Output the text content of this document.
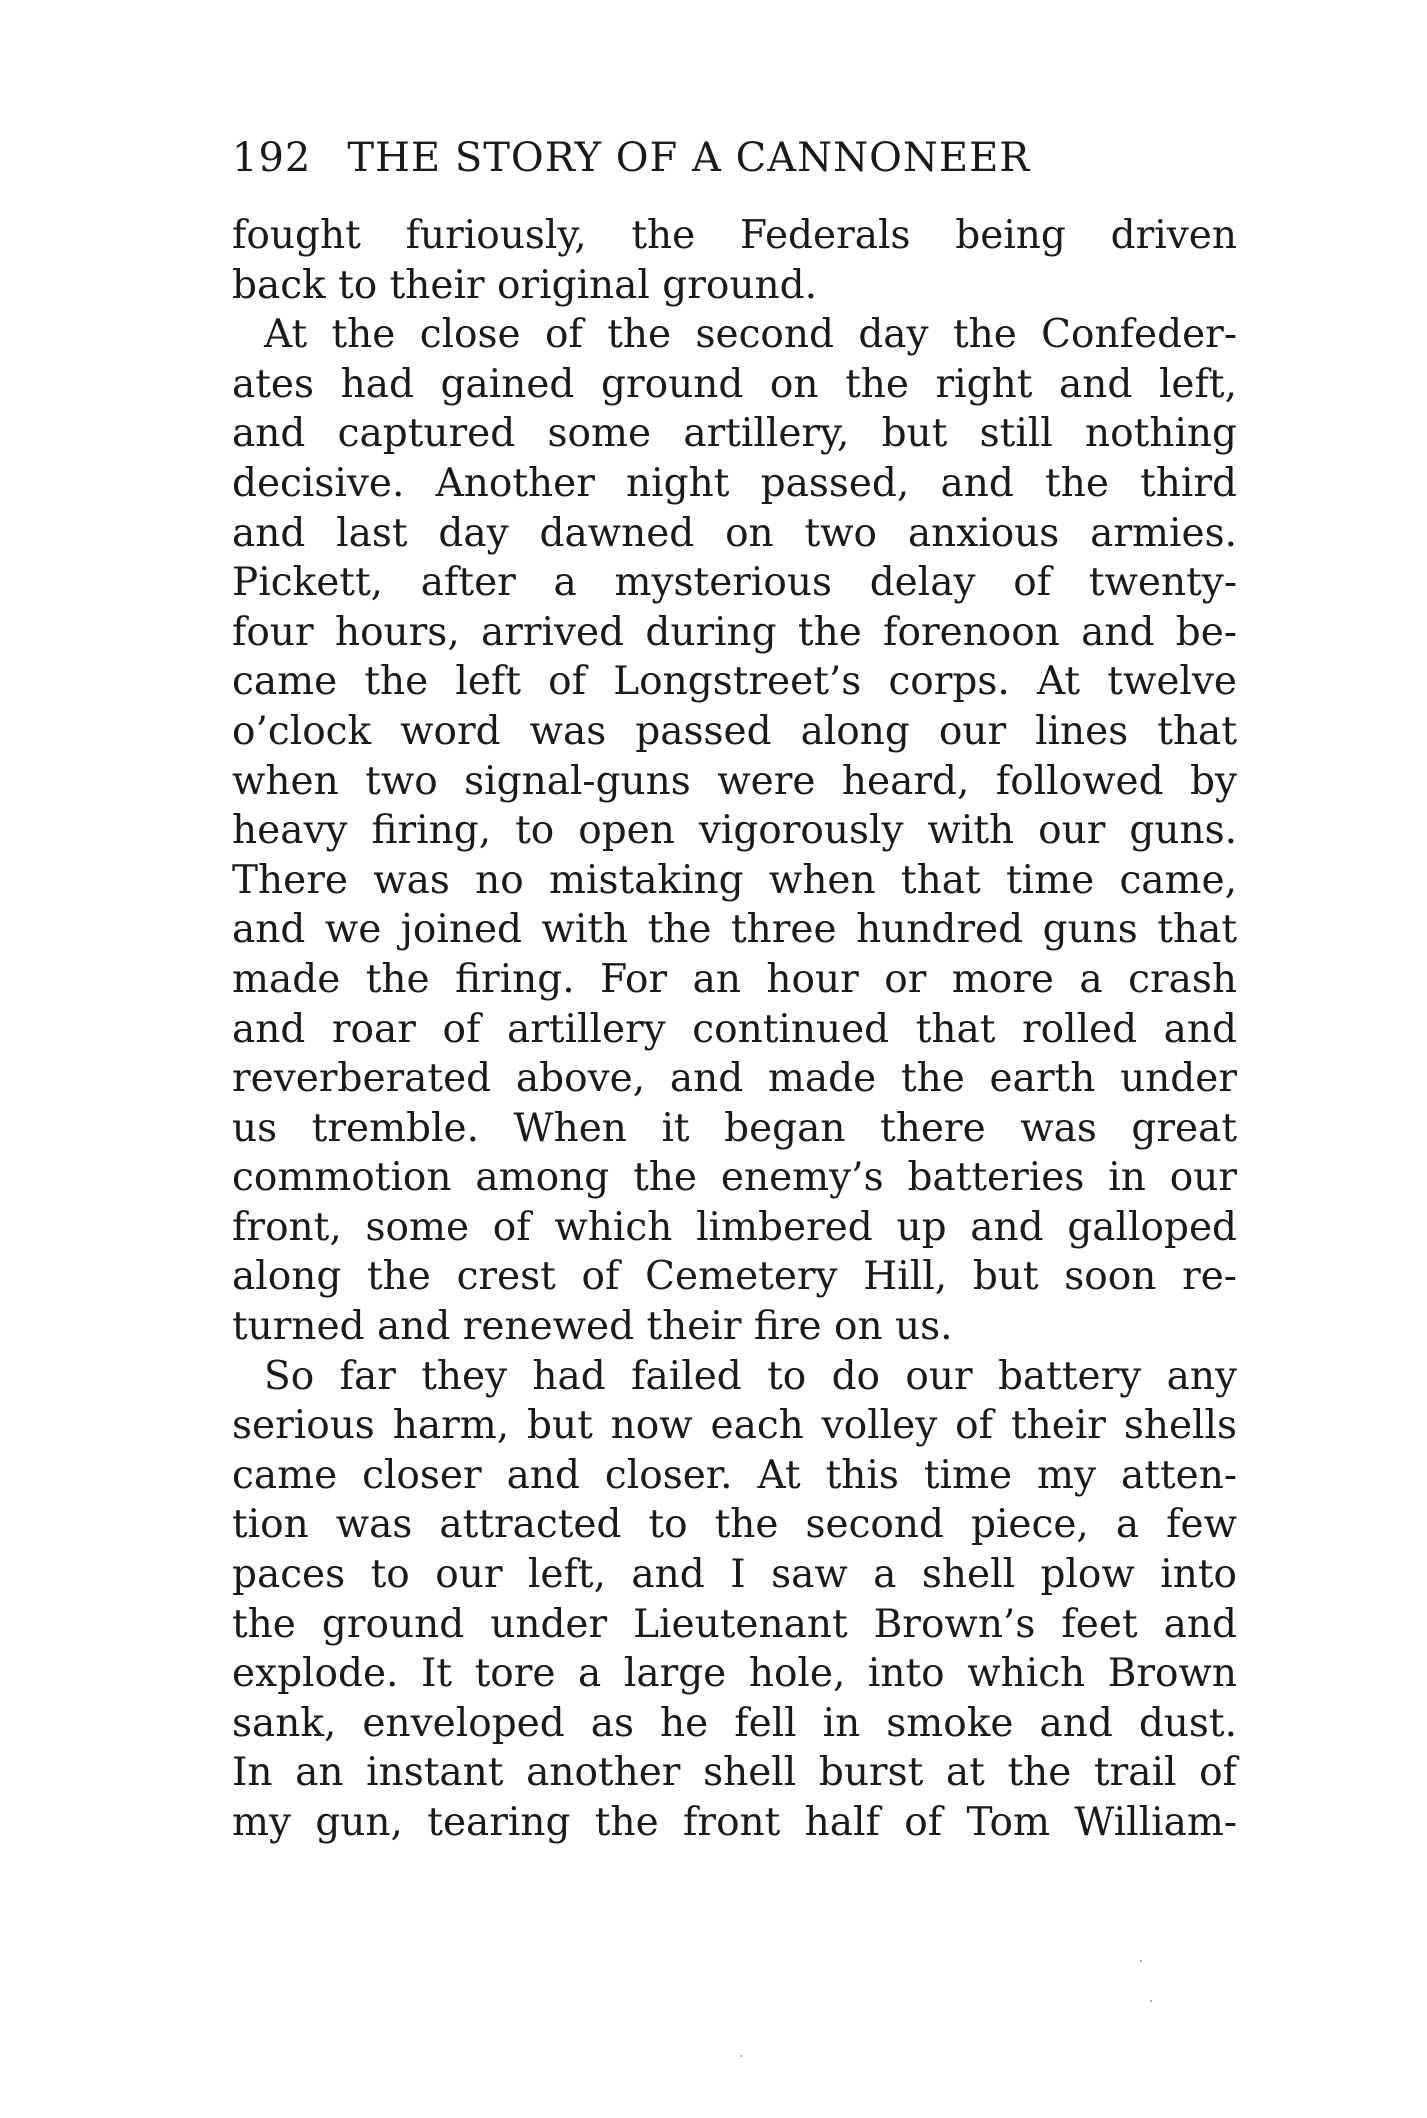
192 THE STORY OF A CANNONEER
fought furiously, the Federals being driven
back to their original ground.
At the close of the second day the Confeder-
ates had gained ground on the right and left,
and captured some artillery, but still nothing
decisive. Another night passed, and the third
and last day dawned on two anxious armies.
Pickett, after a mysterious delay of twenty-
four hours, arrived during the forenoon and be-
came the left of Longstreet’s corps. At twelve
o’clock word was passed along our lines that
when two signal-guns were heard, followed by
heavy firing, to open vigorously with our guns.
There was no mistaking when that time came,
and we joined with the three hundred guns that
made the firing. For an hour or more a crash
and roar of artillery continued that rolled and
reverberated above, and made the earth under
us tremble. When it began there was great
commotion among the enemy’s batteries in our
front, some of which limbered up and galloped
along the crest of Cemetery Hill, but soon re-
turned and renewed their fire on us.
So far they had failed to do our battery any
serious harm, but now each volley of their shells
came closer and closer. At this time my atten-
tion was attracted to the second piece, a few
paces to our left, and I saw a shell plow into
the ground under Lieutenant Brown’s feet and
explode. It tore a large hole, into which Brown
sank, enveloped as he fell in smoke and dust.
In an instant another shell burst at the trail of
my gun, tearing the front half of Tom William-
